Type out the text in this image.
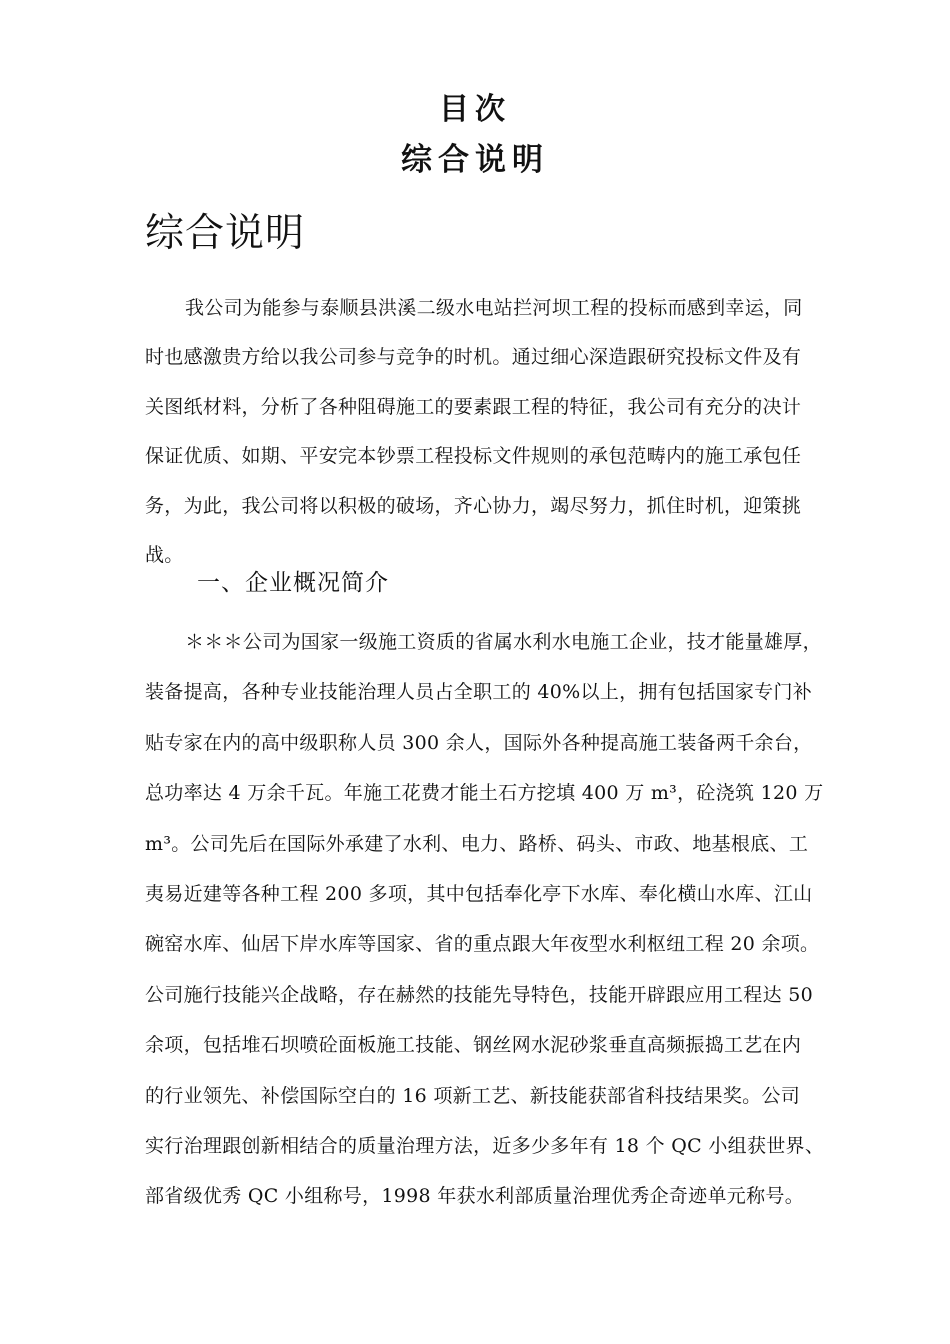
目次
综合说明
综合说明
我公司为能参与泰顺县洪溪二级水电站拦河坝工程的投标而感到幸运，同
时也感激贵方给以我公司参与竞争的时机。通过细心深造跟研究投标文件及有
关图纸材料，分析了各种阻碍施工的要素跟工程的特征，我公司有充分的决计
保证优质、如期、平安完本钞票工程投标文件规则的承包范畴内的施工承包任
务，为此，我公司将以积极的破场，齐心协力，竭尽努力，抓住时机，迎策挑
战。
一、企业概况简介
＊＊＊公司为国家一级施工资质的省属水利水电施工企业，技才能量雄厚，
装备提高，各种专业技能治理人员占全职工的 40%以上，拥有包括国家专门补
贴专家在内的高中级职称人员 300 余人，国际外各种提高施工装备两千余台，
总功率达 4 万余千瓦。年施工花费才能土石方挖填 400 万 m³，砼浇筑 120 万
m³。公司先后在国际外承建了水利、电力、路桥、码头、市政、地基根底、工
夷易近建等各种工程 200 多项，其中包括奉化亭下水库、奉化横山水库、江山
碗窑水库、仙居下岸水库等国家、省的重点跟大年夜型水利枢纽工程 20 余项。
公司施行技能兴企战略，存在赫然的技能先导特色，技能开辟跟应用工程达 50
余项，包括堆石坝喷砼面板施工技能、钢丝网水泥砂浆垂直高频振捣工艺在内
的行业领先、补偿国际空白的 16 项新工艺、新技能获部省科技结果奖。公司
实行治理跟创新相结合的质量治理方法，近多少多年有 18 个 QC 小组获世界、
部省级优秀 QC 小组称号，1998 年获水利部质量治理优秀企奇迹单元称号。
